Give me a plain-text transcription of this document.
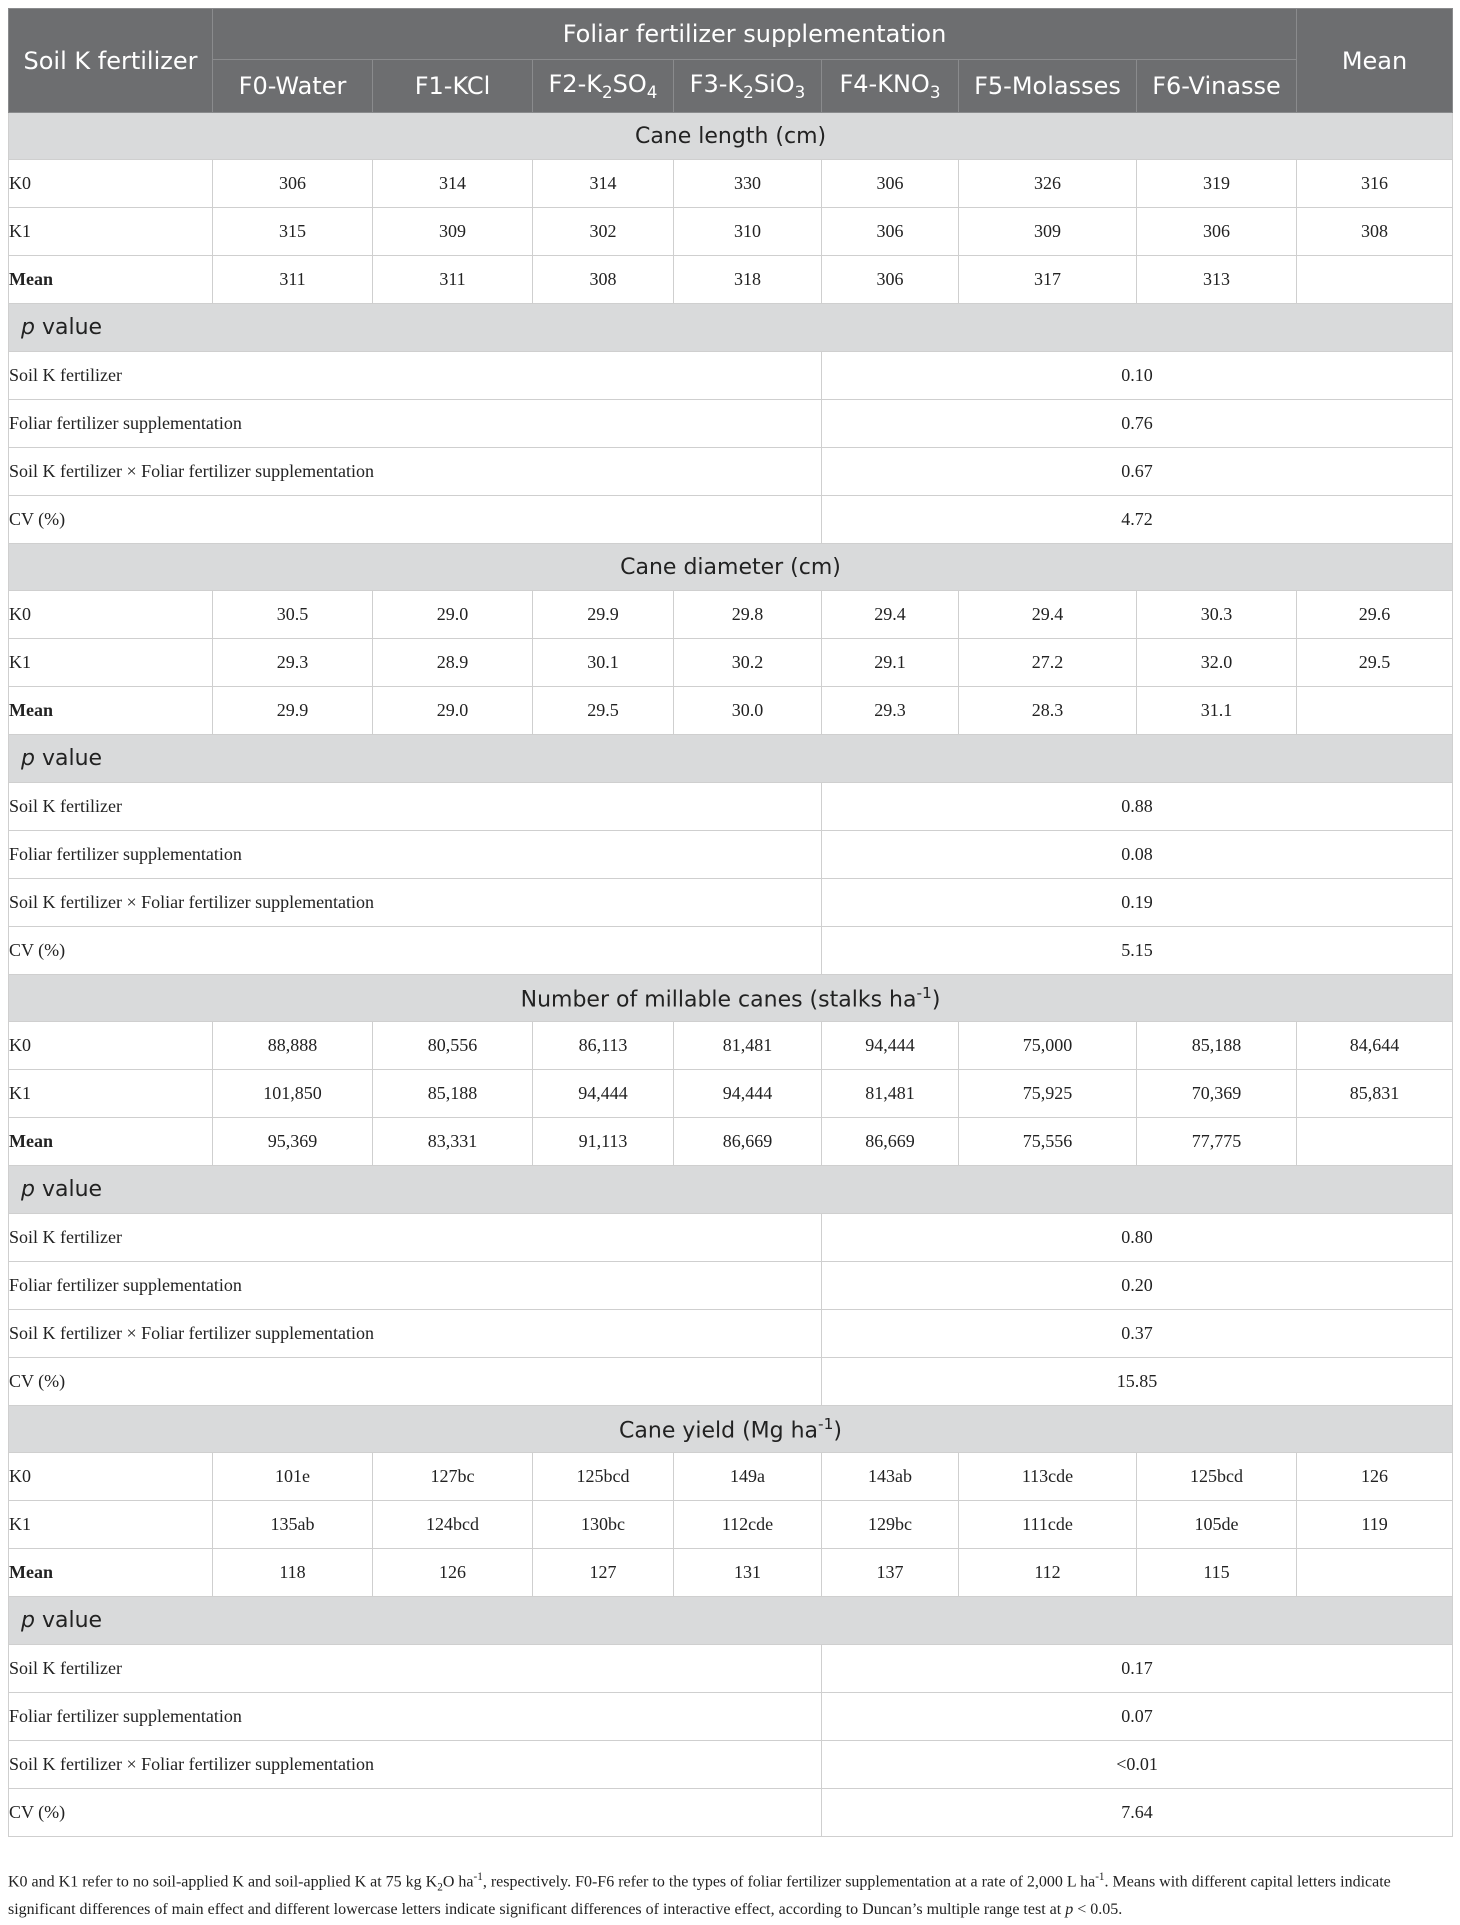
Soil K fertilizer	Foliar fertilizer supplementation							Mean
	F0-Water	F1-KCl	$F2-K_2SO_4$	$F3-K_2SiO_3$	$F4-KNO_3$	F5-Molasses	F6-Vinasse	
Cane length (cm)								
K0	306	314	314	330	306	326	319	316
K1	315	309	302	310	306	309	306	308
Mean	311	311	308	318	306	317	313	
p value								
Soil K fertilizer					0.10			
Foliar fertilizer supplementation					0.76			
Soil K fertilizer × Foliar fertilizer supplementation					0.67			
CV (%)					4.72			
Cane diameter (cm)								
K0	30.5	29.0	29.9	29.8	29.4	29.4	30.3	29.6
K1	29.3	28.9	30.1	30.2	29.1	27.2	32.0	29.5
Mean	29.9	29.0	29.5	30.0	29.3	28.3	31.1	
p value								
Soil K fertilizer					0.88			
Foliar fertilizer supplementation					0.08			
Soil K fertilizer × Foliar fertilizer supplementation					0.19			
CV (%)					5.15			
Number of millable canes (stalks $ha^{-1}$)								
K0	88,888	80,556	86,113	81,481	94,444	75,000	85,188	84,644
K1	101,850	85,188	94,444	94,444	81,481	75,925	70,369	85,831
Mean	95,369	83,331	91,113	86,669	86,669	75,556	77,775	
p value								
Soil K fertilizer					0.80			
Foliar fertilizer supplementation					0.20			
Soil K fertilizer × Foliar fertilizer supplementation					0.37			
CV (%)					15.85			
Cane yield (Mg $ha^{-1}$)								
K0	101e	127bc	125bcd	149a	143ab	113cde	125bcd	126
K1	135ab	124bcd	130bc	112cde	129bc	111cde	105de	119
Mean	118	126	127	131	137	112	115	
p value								
Soil K fertilizer					0.17			
Foliar fertilizer supplementation					0.07			
Soil K fertilizer × Foliar fertilizer supplementation					<0.01			
CV (%)					7.64			
K0 and K1 refer to no soil-applied K and soil-applied K at 75 kg $K_2O$ $ha^{-1}$, respectively. F0-F6 refer to the types of foliar fertilizer supplementation at a rate of 2,000 L $ha^{-1}$. Means with different capital letters indicate significant differences of main effect and different lowercase letters indicate significant differences of interactive effect, according to Duncan’s multiple range test at p < 0.05.
